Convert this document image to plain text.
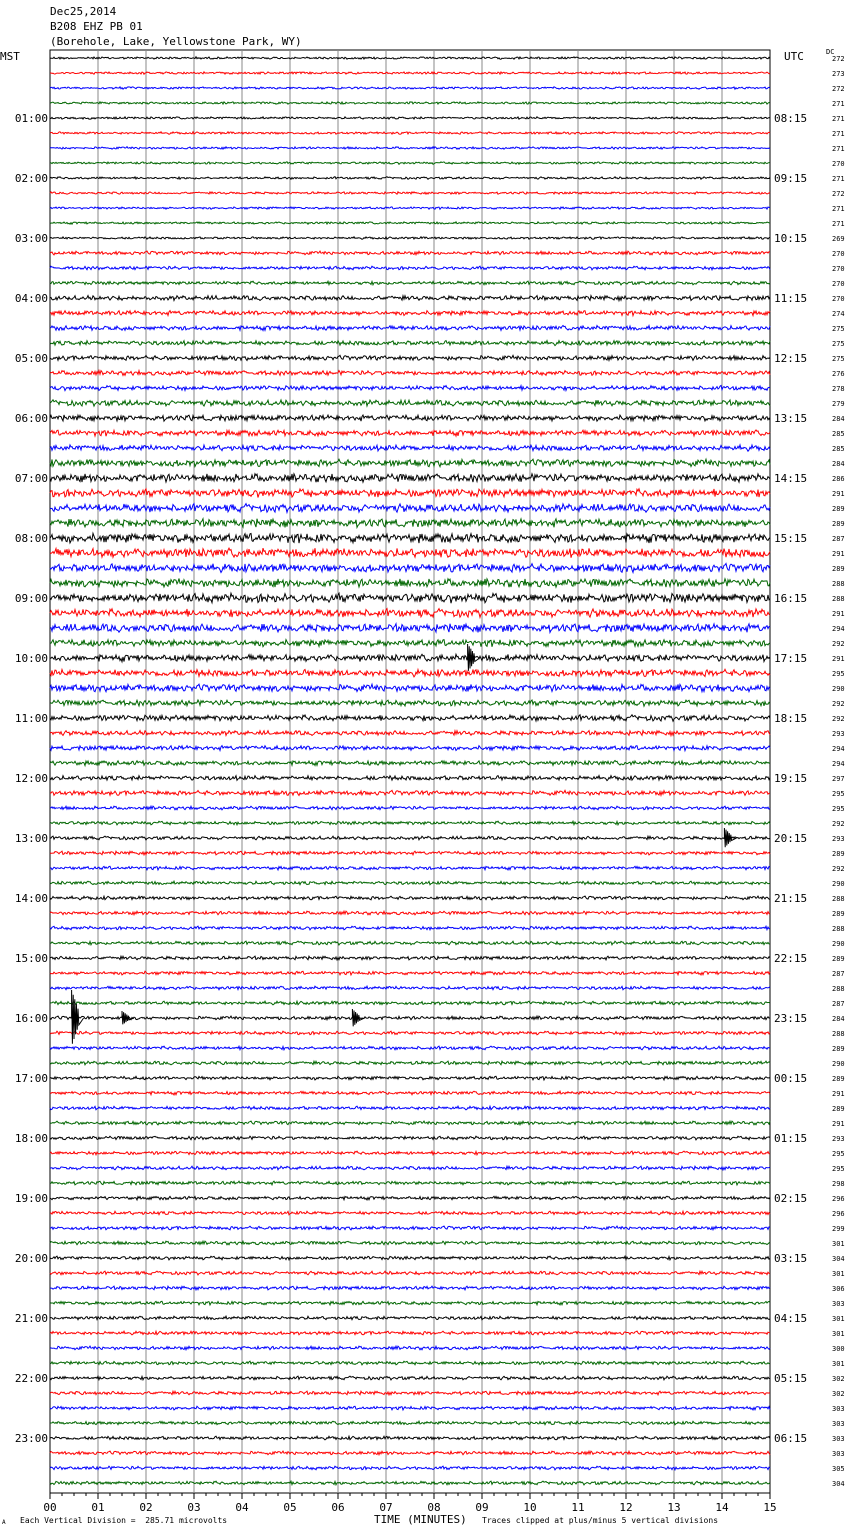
Dec25,2014
B208 EHZ PB 01
(Borehole, Lake, Yellowstone Park, WY)
MST	UTC	DC
00	01	02	03	04	05	06	07	08	09	10	11	12	13	14	15
272
273
272
271
271
271
271
270
271
272
271
271
269
270
270
270
270
274
275
275
275
276
278
279
284
285
285
284
286
291
289
289
287
291
289
288
288
291
294
292
291
295
290
292
292
293
294
294
297
295
295
292
293
289
292
290
288
289
288
290
289
287
288
287
284
288
289
290
289
291
289
291
293
295
295
298
296
296
299
301
304
301
306
303
301
301
300
301
302
302
303
303
303
303
305
304
01:00
02:00
03:00
04:00
05:00
06:00
07:00
08:00
09:00
10:00
11:00
12:00
13:00
14:00
15:00
16:00
17:00
18:00
19:00
20:00
21:00
22:00
23:00
08:15
09:15
10:15
11:15
12:15
13:15
14:15
15:15
16:15
17:15
18:15
19:15
20:15
21:15
22:15
23:15
00:15
01:15
02:15
03:15
04:15
05:15
06:15
TIME (MINUTES)
A Each Vertical Division =  285.71 microvolts	Traces clipped at plus/minus 5 vertical divisions
